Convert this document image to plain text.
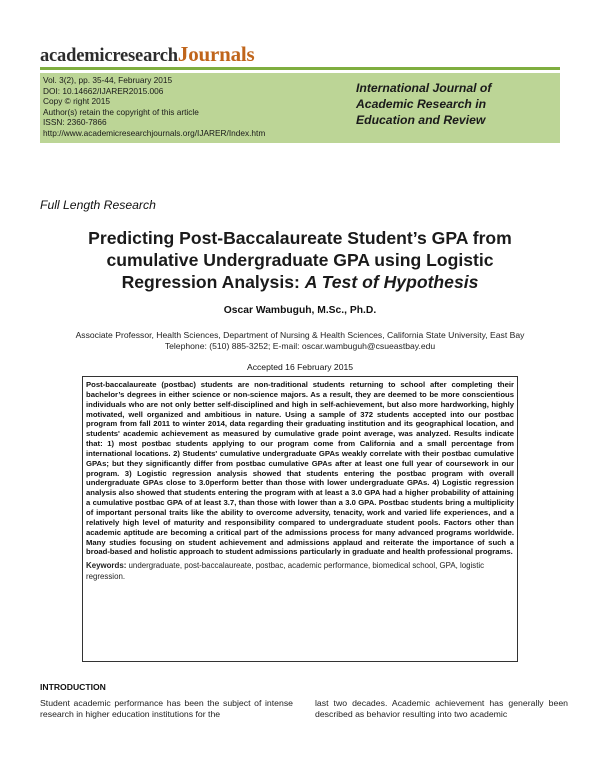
academicresearchJournals
Vol. 3(2), pp. 35-44, February 2015
DOI: 10.14662/IJARER2015.006
Copy © right 2015
Author(s) retain the copyright of this article
ISSN: 2360-7866
http://www.academicresearchjournals.org/IJARER/Index.htm
International Journal of
Academic Research in
Education and Review
Full Length Research
Predicting Post-Baccalaureate Student’s GPA from
cumulative Undergraduate GPA using Logistic
Regression Analysis: A Test of Hypothesis
Oscar Wambuguh, M.Sc., Ph.D.
Associate Professor, Health Sciences, Department of Nursing & Health Sciences, California State University, East Bay
Telephone: (510) 885-3252; E-mail: oscar.wambuguh@csueastbay.edu
Accepted 16 February 2015
Post-baccalaureate (postbac) students are non-traditional students returning to school after completing their bachelor’s degrees in either science or non-science majors. As a result, they are deemed to be more conscientious individuals who are not only better self-disciplined and high in self-achievement, but also more hardworking, highly motivated, well organized and ambitious in nature. Using a sample of 372 students accepted into our postbac program from fall 2011 to winter 2014, data regarding their graduating institution and its geographical location, and students' academic achievement as measured by cumulative grade point average, was analyzed. Results indicate that: 1) most postbac students applying to our program come from California and a small percentage from international locations. 2) Students' cumulative undergraduate GPAs weakly correlate with their postbac cumulative GPAs; but they significantly differ from postbac cumulative GPAs after at least one full year of coursework in our program. 3) Logistic regression analysis showed that students entering the postbac program with overall undergraduate GPAs close to 3.0perform better than those with lower undergraduate GPAs. 4) Logistic regression analysis also showed that students entering the program with at least a 3.0 GPA had a higher probability of attaining a cumulative postbac GPA of at least 3.7, than those with lower than a 3.0 GPA. Postbac students bring a multiplicity of important personal traits like the ability to overcome adversity, tenacity, work and varied life experiences, and a relatively high level of maturity and responsibility compared to undergraduate student pools. Factors other than academic aptitude are becoming a critical part of the admissions process for many advanced programs worldwide. Many studies focusing on student achievement and admissions applaud and reiterate the importance of such a broad-based and holistic approach to student admissions particularly in graduate and health professional programs.
Keywords: undergraduate, post-baccalaureate, postbac, academic performance, biomedical school, GPA, logistic regression.
INTRODUCTION
Student academic performance has been the subject of intense research in higher education institutions for the
last two decades. Academic achievement has generally been described as behavior resulting into two academic
